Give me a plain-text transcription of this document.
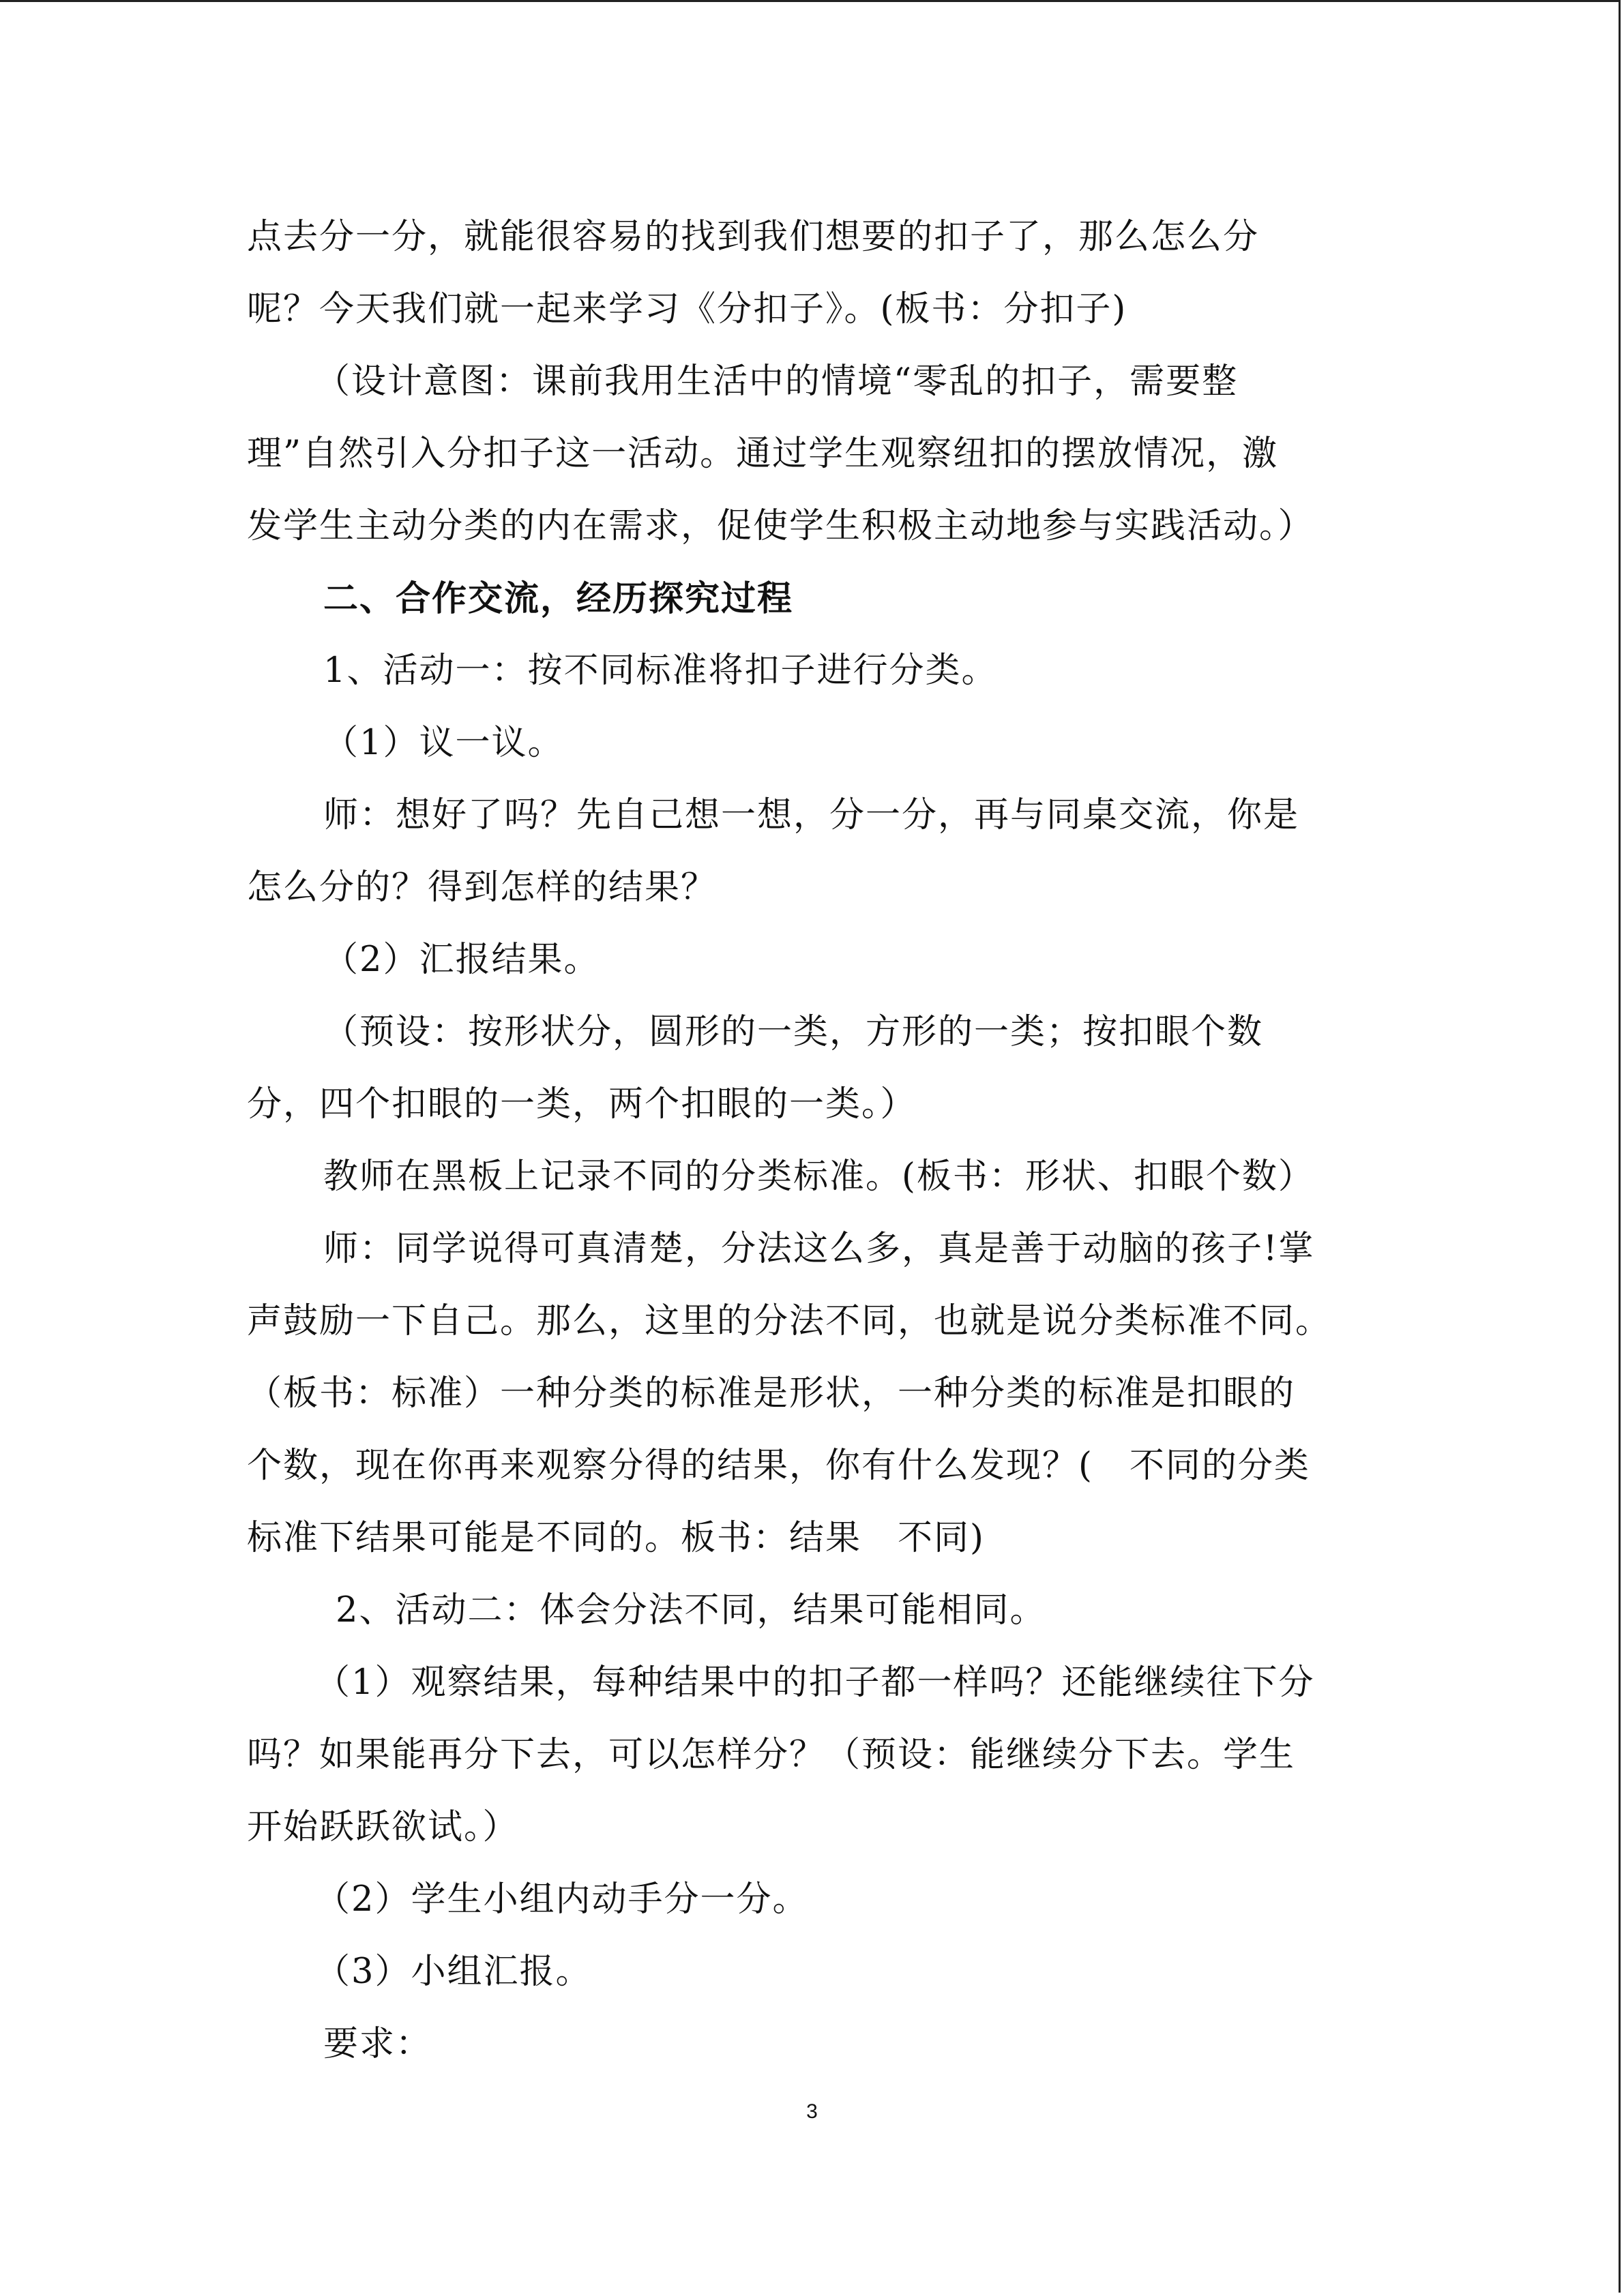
点去分一分，就能很容易的找到我们想要的扣子了，那么怎么分
呢？今天我们就一起来学习《分扣子》。(板书：分扣子)
（设计意图：课前我用生活中的情境“零乱的扣子，需要整
理”自然引入分扣子这一活动。通过学生观察纽扣的摆放情况，激
发学生主动分类的内在需求，促使学生积极主动地参与实践活动。）
二、合作交流，经历探究过程
1、活动一：按不同标准将扣子进行分类。
（1）议一议。
师：想好了吗？先自己想一想，分一分，再与同桌交流，你是
怎么分的？得到怎样的结果？
（2）汇报结果。
（预设：按形状分，圆形的一类，方形的一类；按扣眼个数
分，四个扣眼的一类，两个扣眼的一类。）
教师在黑板上记录不同的分类标准。(板书：形状、扣眼个数）
师：同学说得可真清楚，分法这么多，真是善于动脑的孩子!掌
声鼓励一下自己。那么，这里的分法不同，也就是说分类标准不同。
（板书：标准）一种分类的标准是形状，一种分类的标准是扣眼的
个数，现在你再来观察分得的结果，你有什么发现？(　不同的分类
标准下结果可能是不同的。板书：结果　不同)
2、活动二：体会分法不同，结果可能相同。
（1）观察结果，每种结果中的扣子都一样吗？还能继续往下分
吗？如果能再分下去，可以怎样分？（预设：能继续分下去。学生
开始跃跃欲试。）
（2）学生小组内动手分一分。
（3）小组汇报。
要求：
3
